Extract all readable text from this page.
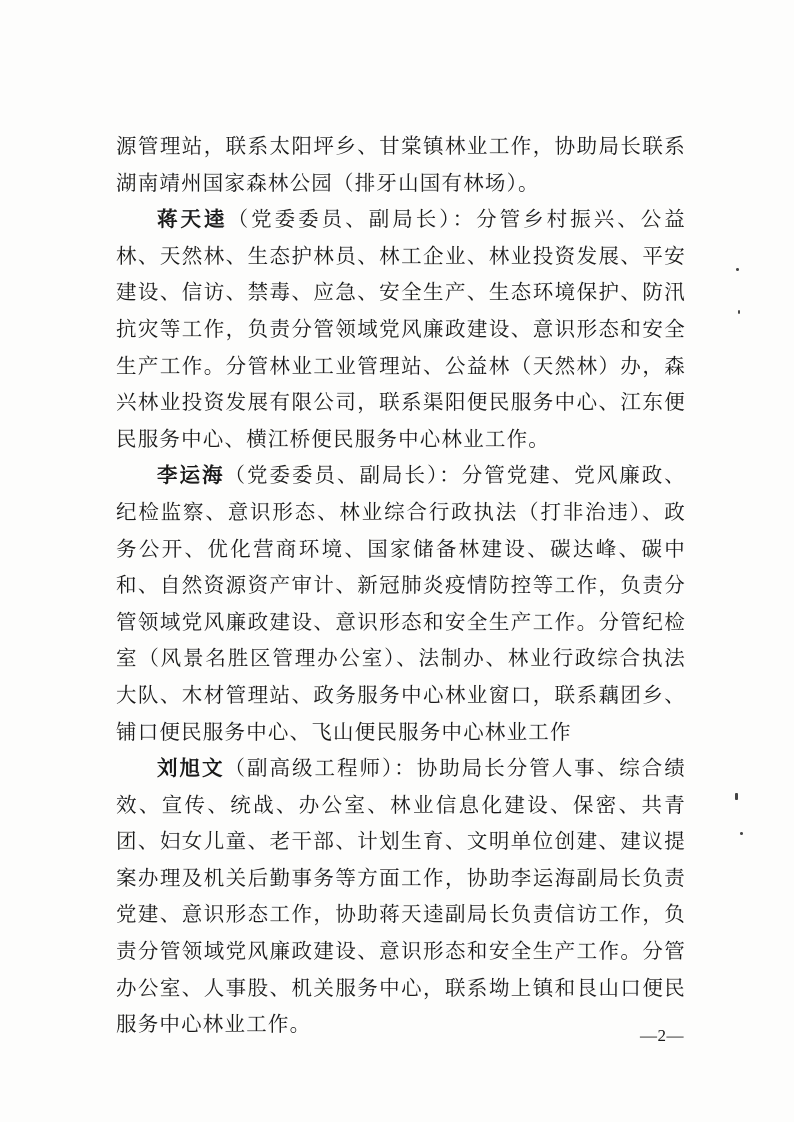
源管理站，联系太阳坪乡、甘棠镇林业工作，协助局长联系湖南靖州国家森林公园（排牙山国有林场）。

蒋天逵（党委委员、副局长）：分管乡村振兴、公益林、天然林、生态护林员、林工企业、林业投资发展、平安建设、信访、禁毒、应急、安全生产、生态环境保护、防汛抗灾等工作，负责分管领域党风廉政建设、意识形态和安全生产工作。分管林业工业管理站、公益林（天然林）办，森兴林业投资发展有限公司，联系渠阳便民服务中心、江东便民服务中心、横江桥便民服务中心林业工作。

李运海（党委委员、副局长）：分管党建、党风廉政、纪检监察、意识形态、林业综合行政执法（打非治违）、政务公开、优化营商环境、国家储备林建设、碳达峰、碳中和、自然资源资产审计、新冠肺炎疫情防控等工作，负责分管领域党风廉政建设、意识形态和安全生产工作。分管纪检室（风景名胜区管理办公室）、法制办、林业行政综合执法大队、木材管理站、政务服务中心林业窗口，联系藕团乡、铺口便民服务中心、飞山便民服务中心林业工作

刘旭文（副高级工程师）：协助局长分管人事、综合绩效、宣传、统战、办公室、林业信息化建设、保密、共青团、妇女儿童、老干部、计划生育、文明单位创建、建议提案办理及机关后勤事务等方面工作，协助李运海副局长负责党建、意识形态工作，协助蒋天逵副局长负责信访工作，负责分管领域党风廉政建设、意识形态和安全生产工作。分管办公室、人事股、机关服务中心，联系坳上镇和艮山口便民服务中心林业工作。	—2—
